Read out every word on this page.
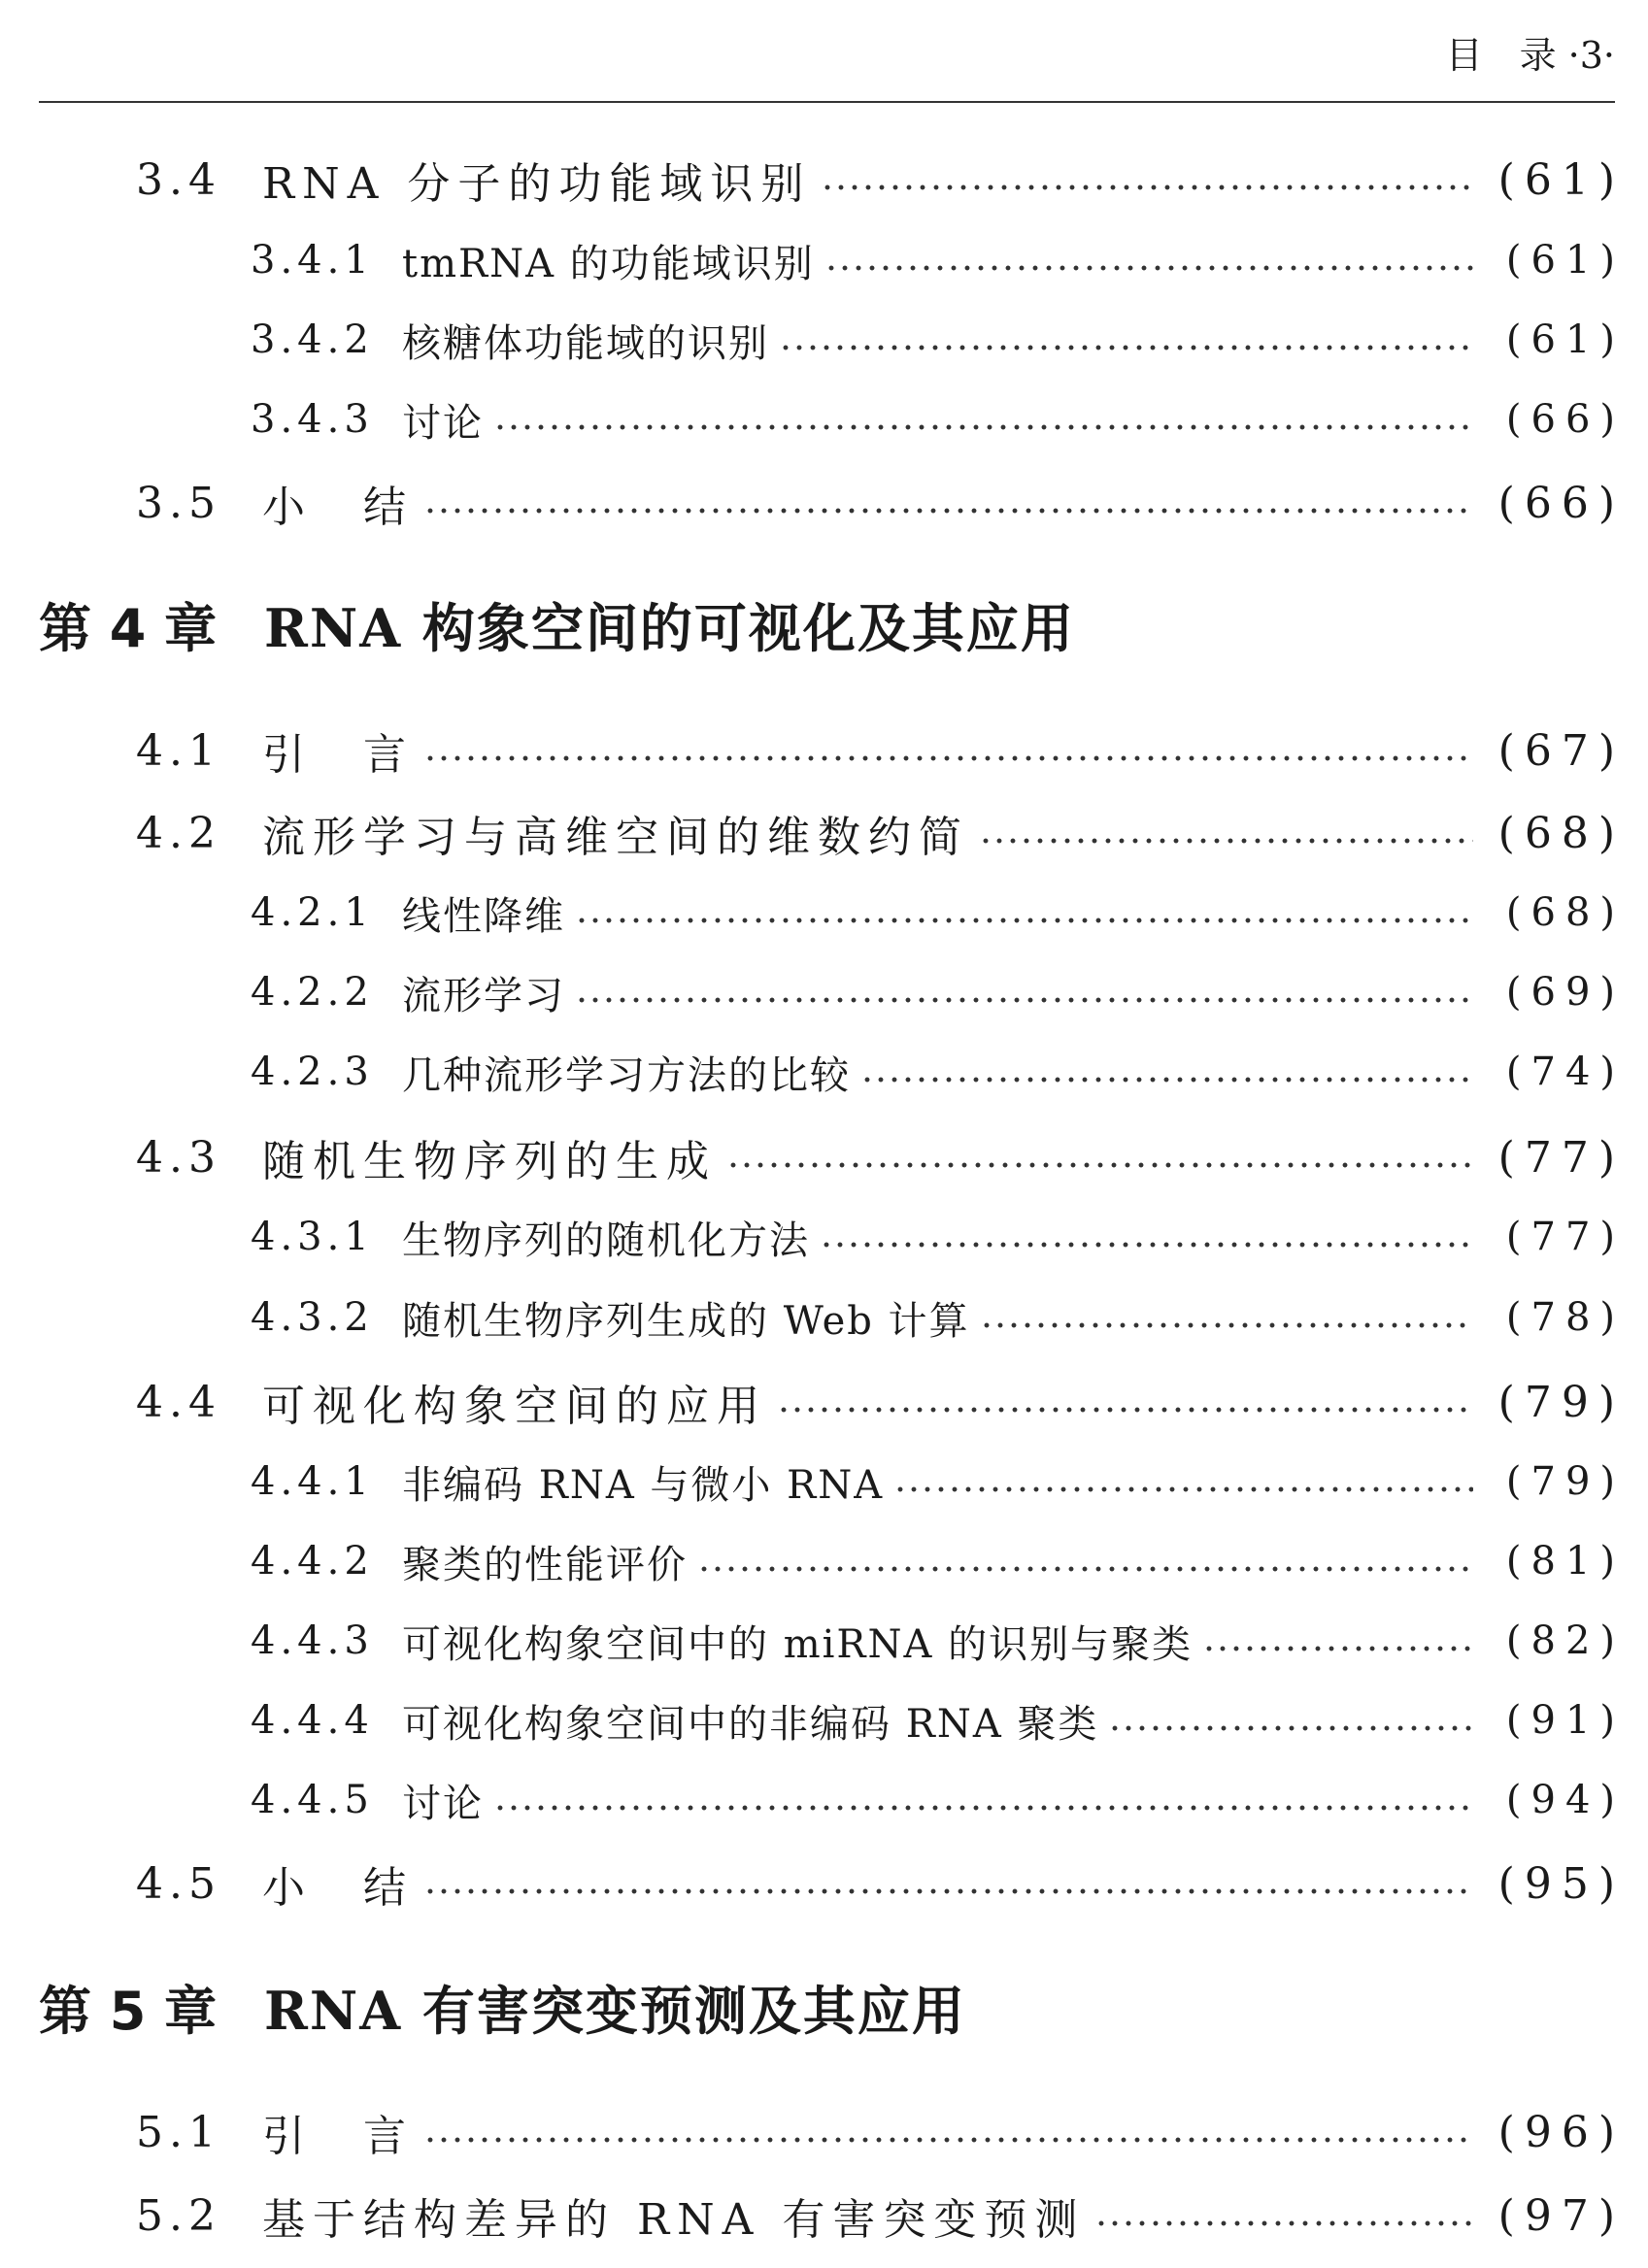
目　录 ·3·
3.4 RNA 分子的功能域识别	(61)
3.4.1 tmRNA 的功能域识别	(61)
3.4.2 核糖体功能域的识别	(61)
3.4.3 讨论	(66)
3.5 小　结	(66)
第 4 章 RNA 构象空间的可视化及其应用
4.1 引　言	(67)
4.2 流形学习与高维空间的维数约简	(68)
4.2.1 线性降维	(68)
4.2.2 流形学习	(69)
4.2.3 几种流形学习方法的比较	(74)
4.3 随机生物序列的生成	(77)
4.3.1 生物序列的随机化方法	(77)
4.3.2 随机生物序列生成的 Web 计算	(78)
4.4 可视化构象空间的应用	(79)
4.4.1 非编码 RNA 与微小 RNA	(79)
4.4.2 聚类的性能评价	(81)
4.4.3 可视化构象空间中的 miRNA 的识别与聚类	(82)
4.4.4 可视化构象空间中的非编码 RNA 聚类	(91)
4.4.5 讨论	(94)
4.5 小　结	(95)
第 5 章 RNA 有害突变预测及其应用
5.1 引　言	(96)
5.2 基于结构差异的 RNA 有害突变预测	(97)
